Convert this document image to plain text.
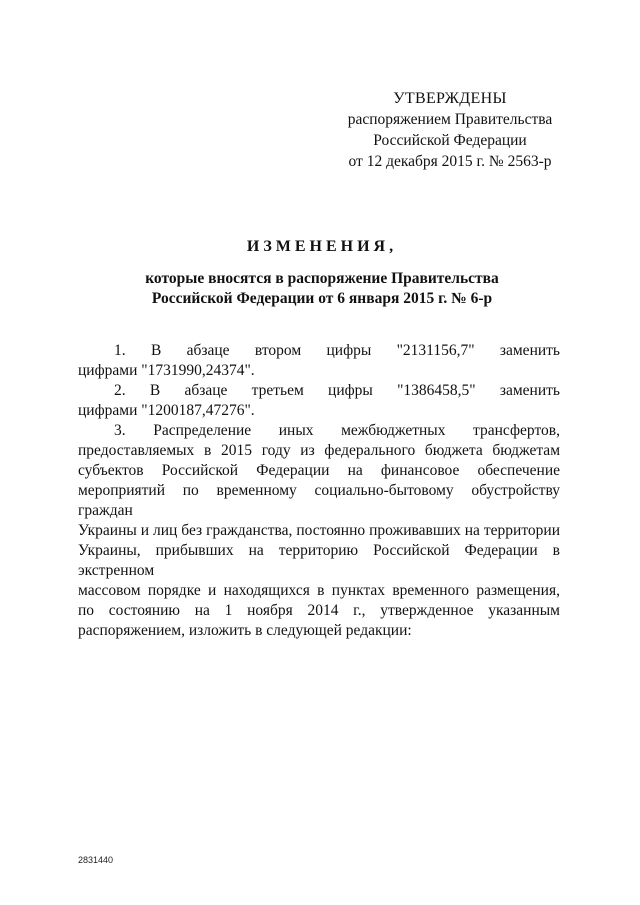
УТВЕРЖДЕНЫ
распоряжением Правительства
Российской Федерации
от 12 декабря 2015 г. № 2563-р
ИЗМЕНЕНИЯ,
которые вносятся в распоряжение Правительства
Российской Федерации от 6 января 2015 г. № 6-р

1. В абзаце втором цифры "2131156,7" заменить
цифрами "1731990,24374".

2. В абзаце третьем цифры "1386458,5" заменить
цифрами "1200187,47276".

3. Распределение иных межбюджетных трансфертов,
предоставляемых в 2015 году из федерального бюджета бюджетам
субъектов Российской Федерации на финансовое обеспечение
мероприятий по временному социально-бытовому обустройству граждан
Украины и лиц без гражданства, постоянно проживавших на территории
Украины, прибывших на территорию Российской Федерации в экстренном
массовом порядке и находящихся в пунктах временного размещения,
по состоянию на 1 ноября 2014 г., утвержденное указанным
распоряжением, изложить в следующей редакции:

2831440
